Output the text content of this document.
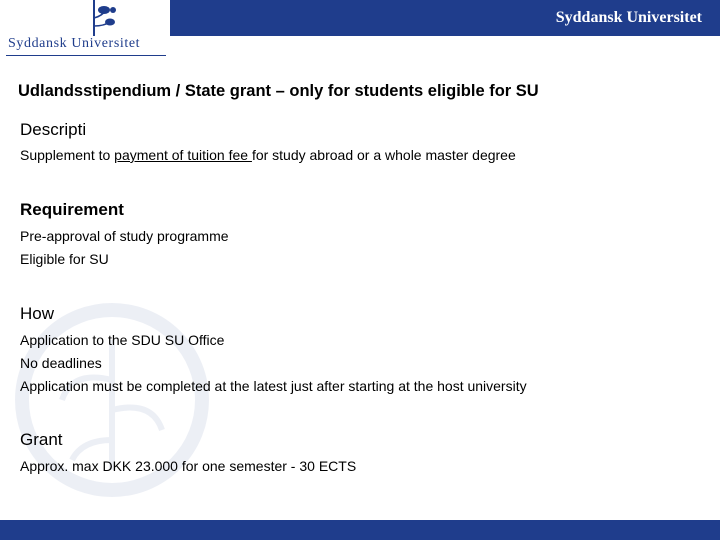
Syddansk Universitet
Syddansk Universitet
Udlandsstipendium / State grant – only for students eligible for SU
Descripti
Supplement to payment of tuition fee for study abroad or a whole master degree
Requirement
Pre-approval of study programme
Eligible for SU
How
Application to the SDU SU Office
No deadlines
Application must be completed at the latest just after starting at the host university
Grant
Approx. max DKK 23.000 for one semester - 30 ECTS
